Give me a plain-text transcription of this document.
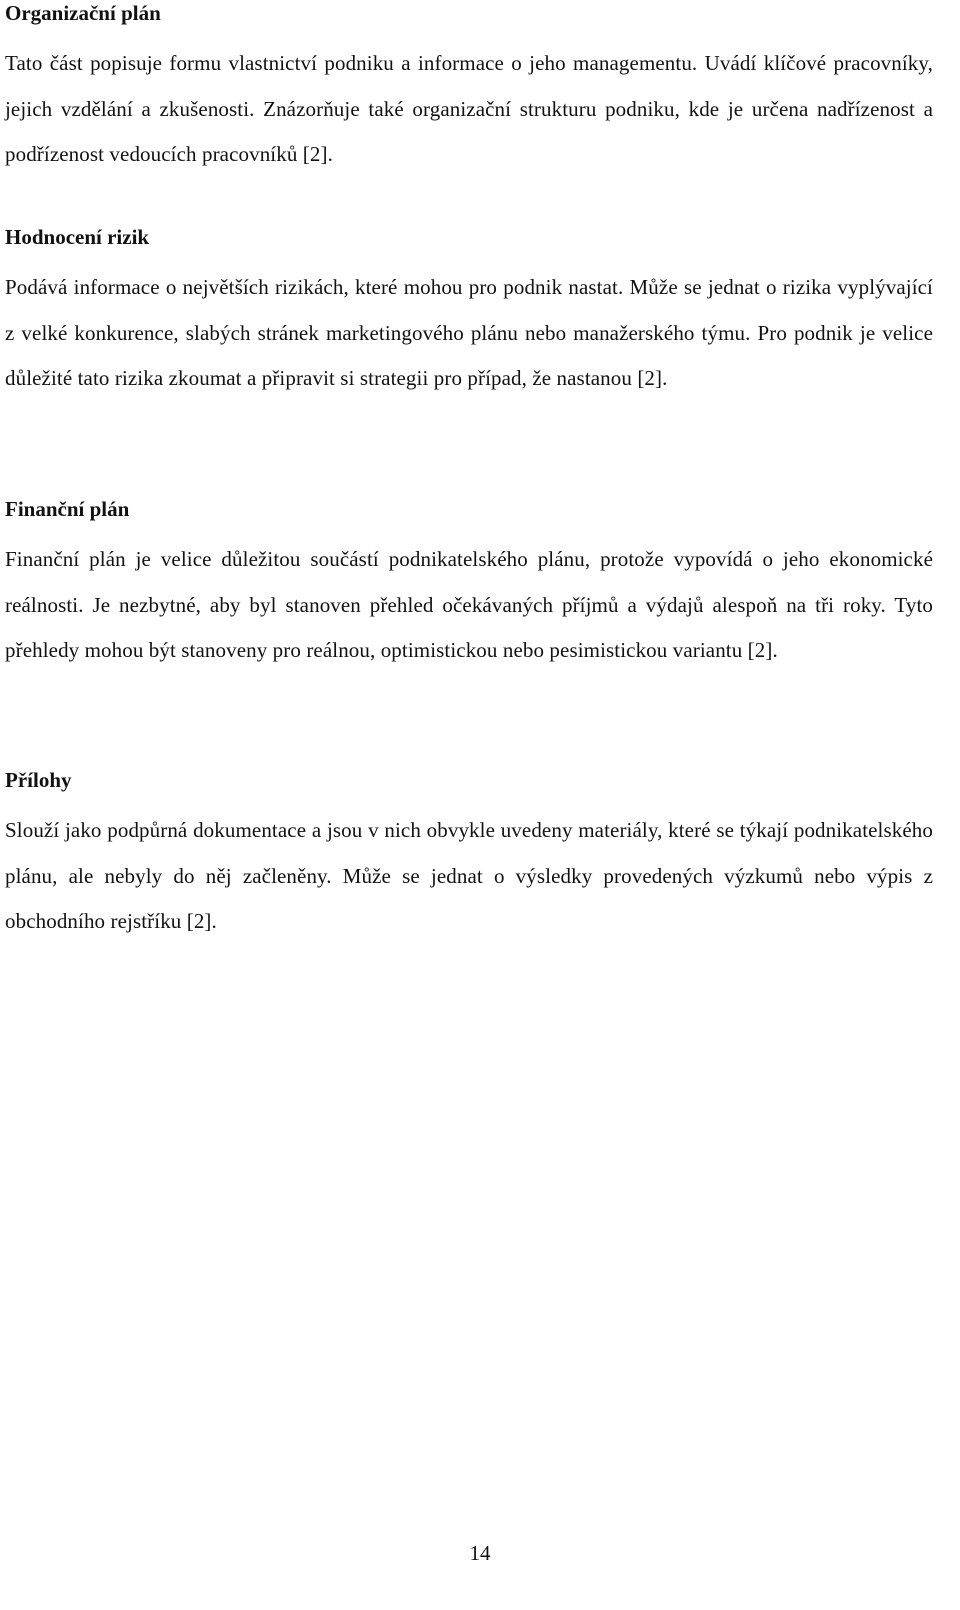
Organizační plán

Tato část popisuje formu vlastnictví podniku a informace o jeho managementu. Uvádí klíčové pracovníky, jejich vzdělání a zkušenosti. Znázorňuje také organizační strukturu podniku, kde je určena nadřízenost a podřízenost vedoucích pracovníků [2].

Hodnocení rizik

Podává informace o největších rizikách, které mohou pro podnik nastat. Může se jednat o rizika vyplývající z velké konkurence, slabých stránek marketingového plánu nebo manažerského týmu. Pro podnik je velice důležité tato rizika zkoumat a připravit si strategii pro případ, že nastanou [2].

Finanční plán

Finanční plán je velice důležitou součástí podnikatelského plánu, protože vypovídá o jeho ekonomické reálnosti. Je nezbytné, aby byl stanoven přehled očekávaných příjmů a výdajů alespoň na tři roky. Tyto přehledy mohou být stanoveny pro reálnou, optimistickou nebo pesimistickou variantu [2].

Přílohy

Slouží jako podpůrná dokumentace a jsou v nich obvykle uvedeny materiály, které se týkají podnikatelského plánu, ale nebyly do něj začleněny. Může se jednat o výsledky provedených výzkumů nebo výpis z obchodního rejstříku [2].

14
